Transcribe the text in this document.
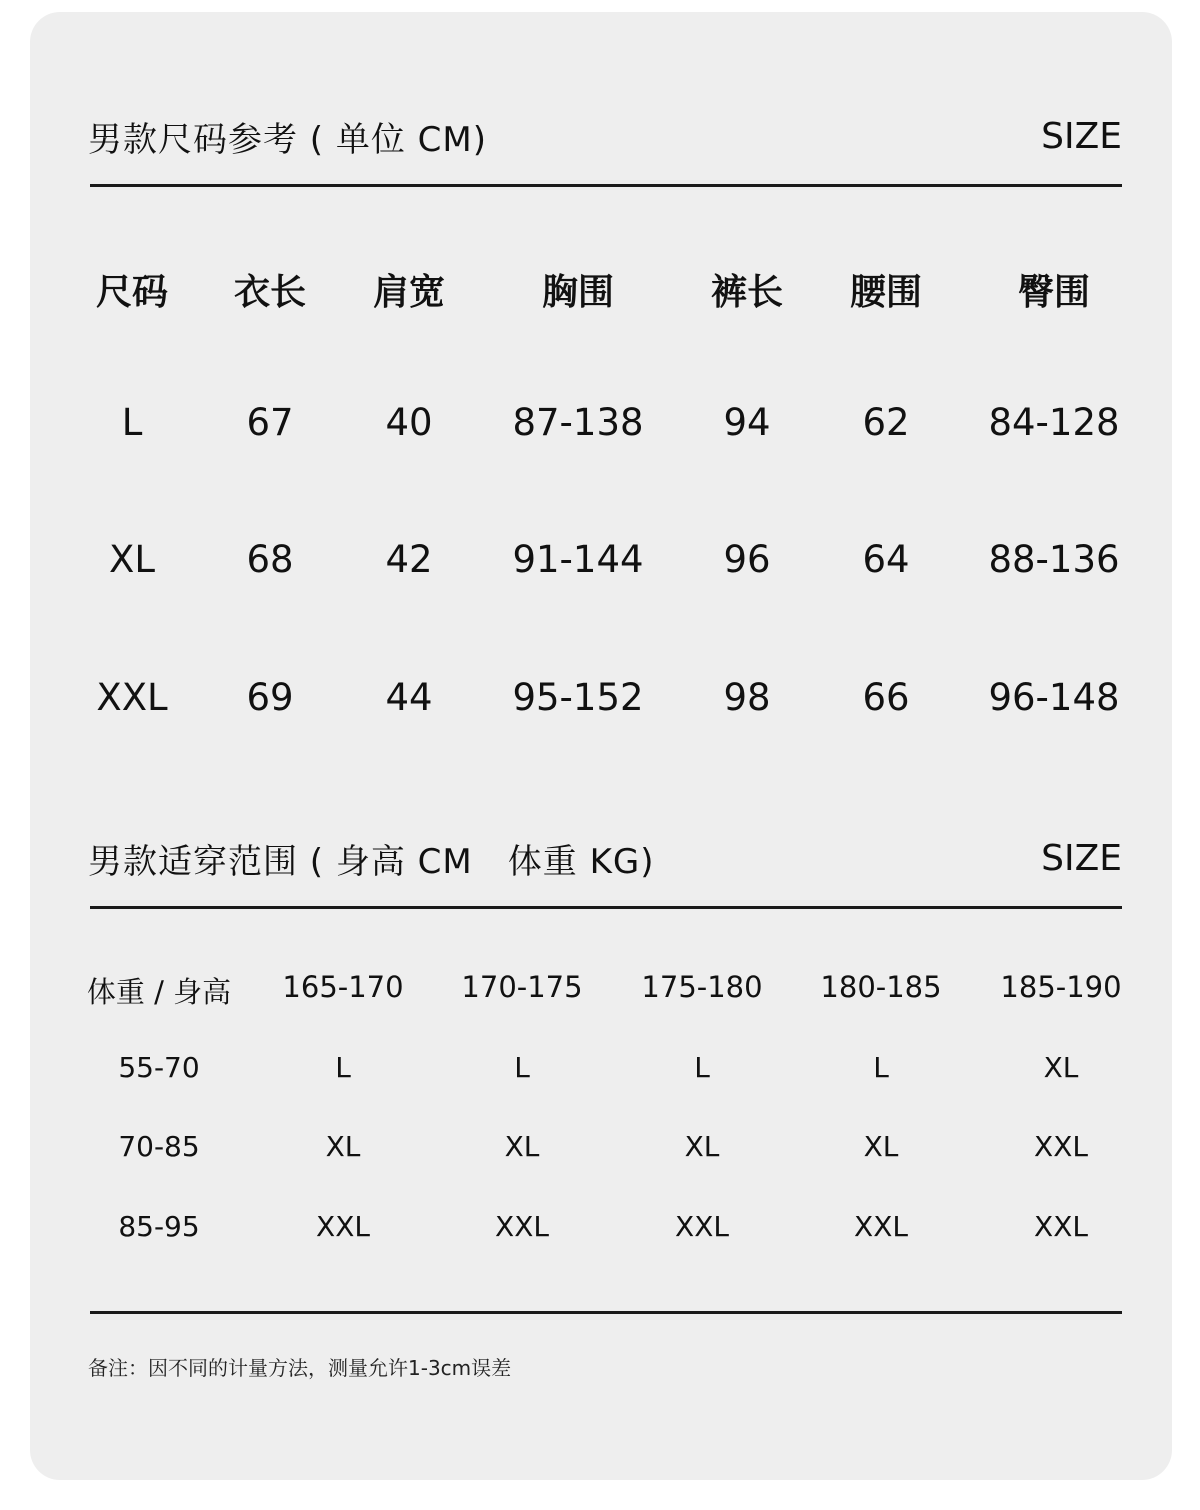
男款尺码参考 ( 单位 CM)	SIZE
尺码 衣长 肩宽	胸围	裤长 腰围	臀围
L	67 40 87-138 94 62 84-128
XL 68 42 91-144 96 64 88-136
XXL 69 44 95-152 98 66 96-148
男款适穿范围 ( 身高 CM　体重 KG)	SIZE
体重 / 身高 165-170 170-175 175-180 180-185 185-190
55-70	L	L	L	L	XL
70-85	XL	XL	XL	XL	XXL
85-95	XXL	XXL	XXL	XXL	XXL
备注：因不同的计量方法，测量允许1-3cm误差
